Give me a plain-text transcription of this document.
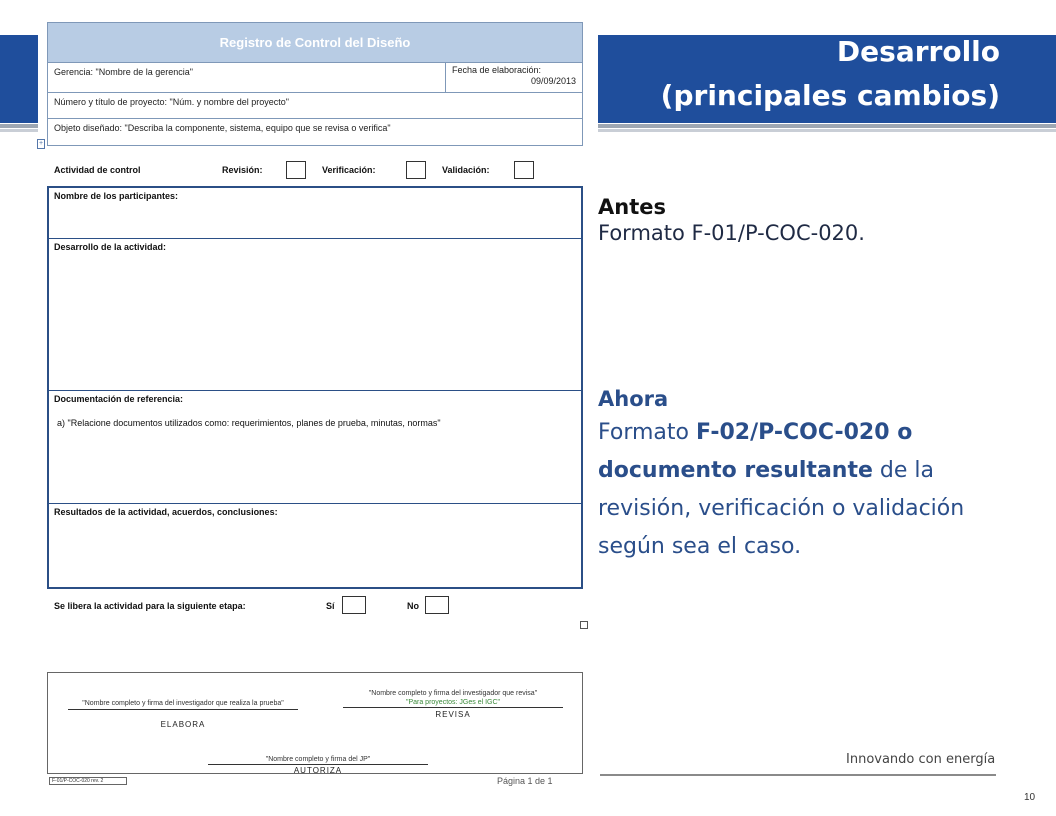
Desarrollo
(principales cambios)
Registro de Control del Diseño
Gerencia: "Nombre de la gerencia"	Fecha de elaboración:
09/09/2013
Número y título de proyecto: "Núm. y nombre del proyecto"
Objeto diseñado: "Describa la componente, sistema, equipo que se revisa o verifica"
+
Actividad de control	Revisión:	Verificación:	Validación:
Nombre de los participantes:
Desarrollo de la actividad:
Documentación de referencia:
a) "Relacione documentos utilizados como: requerimientos, planes de prueba, minutas, normas"
Resultados de la actividad, acuerdos, conclusiones:
Se libera la actividad para la siguiente etapa:	Sí	No
"Nombre completo y firma del investigador que realiza la prueba"
ELABORA
"Nombre completo y firma del investigador que revisa"
"Para proyectos: JGes el IGC"
REVISA
"Nombre completo y firma del JP"
AUTORIZA
F-01/P-COC-020 rev. 2	Página 1 de 1
Antes
Formato F-01/P-COC-020.
Ahora
Formato F-02/P-COC-020 o documento resultante de la revisión, verificación o validación según sea el caso.
Innovando con energía
10
